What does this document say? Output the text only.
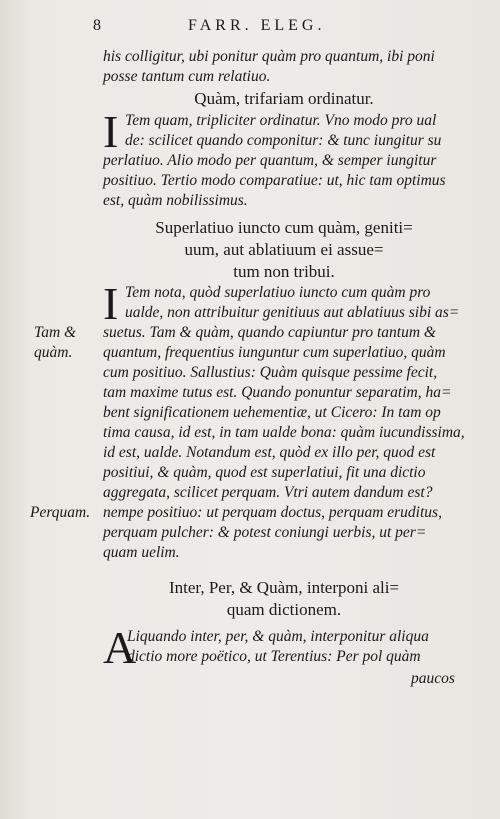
8	FARR. ELEG.
his colligitur, ubi ponitur quàm pro quantum, ibi poni
posse tantum cum relatiuo.
Quàm, trifariam ordinatur.
I Tem quam, tripliciter ordinatur. Vno modo pro ual
de: scilicet quando componitur: & tunc iungitur su
perlatiuo. Alio modo per quantum, & semper iungitur
positiuo. Tertio modo comparatiue: ut, hic tam optimus
est, quàm nobilissimus.
Superlatiuo iuncto cum quàm, geniti=
uum, aut ablatiuum ei assue=
tum non tribui.
I Tem nota, quòd superlatiuo iuncto cum quàm pro
ualde, non attribuitur genitiuus aut ablatiuus sibi as=
suetus. Tam & quàm, quando capiuntur pro tantum &
quantum, frequentius iunguntur cum superlatiuo, quàm
cum positiuo. Sallustius: Quàm quisque pessime fecit,
tam maxime tutus est. Quando ponuntur separatim, ha=
bent significationem uehementiæ, ut Cicero: In tam op
tima causa, id est, in tam ualde bona: quàm iucundissima,
id est, ualde. Notandum est, quòd ex illo per, quod est
positiui, & quàm, quod est superlatiui, fit una dictio
aggregata, scilicet perquam. Vtri autem dandum est?
nempe positiuo: ut perquam doctus, perquam eruditus,
perquam pulcher: & potest coniungi uerbis, ut per=
quam uelim.
Inter, Per, & Quàm, interponi ali=
quam dictionem.
A
Liquando inter, per, & quàm, interponitur aliqua
dictio more poëtico, ut Terentius: Per pol quàm
paucos
Tam &
quàm.
Perquam.
